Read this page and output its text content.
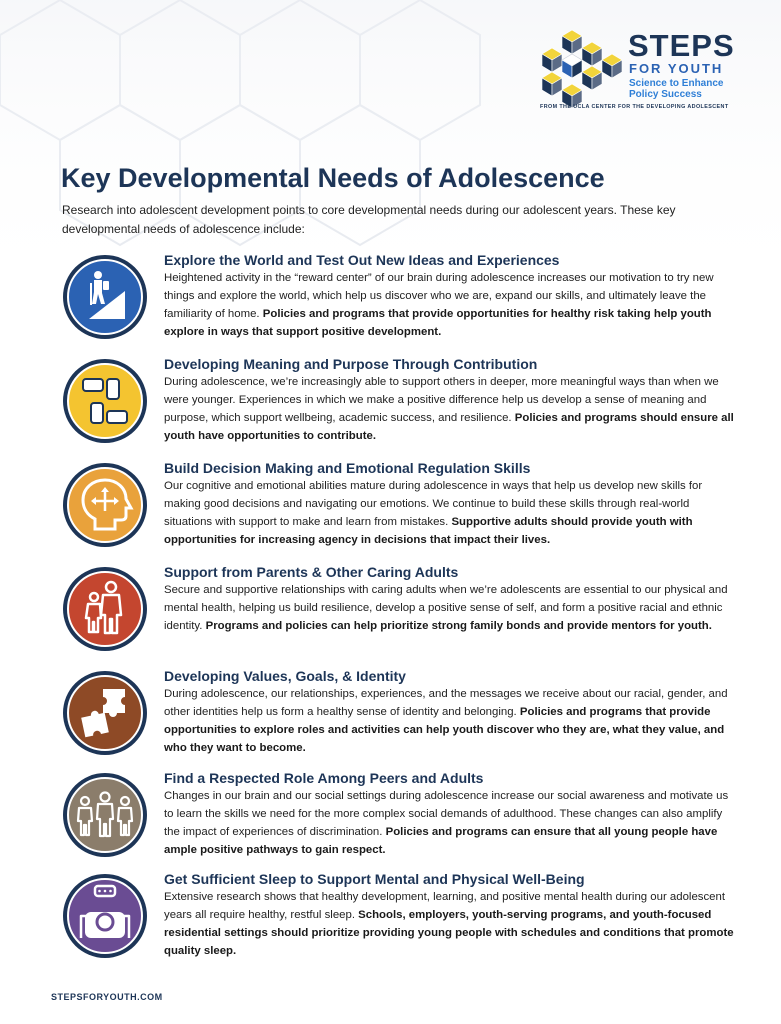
STEPS
FOR YOUTH
Science to Enhance Policy Success
FROM THE UCLA CENTER FOR THE DEVELOPING ADOLESCENT
Key Developmental Needs of Adolescence

Research into adolescent development points to core developmental needs during our adolescent years. These key developmental needs of adolescence include:

Explore the World and Test Out New Ideas and Experiences

Heightened activity in the “reward center” of our brain during adolescence increases our motivation to try new things and explore the world, which help us discover who we are, expand our skills, and ultimately leave the familiarity of home. Policies and programs that provide opportunities for healthy risk taking help youth explore in ways that support positive development.

Developing Meaning and Purpose Through Contribution

During adolescence, we’re increasingly able to support others in deeper, more meaningful ways than when we were younger. Experiences in which we make a positive difference help us develop a sense of meaning and purpose, which support wellbeing, academic success, and resilience. Policies and programs should ensure all youth have opportunities to contribute.

Build Decision Making and Emotional Regulation Skills

Our cognitive and emotional abilities mature during adolescence in ways that help us develop new skills for making good decisions and navigating our emotions. We continue to build these skills through real-world situations with support to make and learn from mistakes. Supportive adults should provide youth with opportunities for increasing agency in decisions that impact their lives.

Support from Parents & Other Caring Adults

Secure and supportive relationships with caring adults when we’re adolescents are essential to our physical and mental health, helping us build resilience, develop a positive sense of self, and form a positive racial and ethnic identity. Programs and policies can help prioritize strong family bonds and provide mentors for youth.

Developing Values, Goals, & Identity

During adolescence, our relationships, experiences, and the messages we receive about our racial, gender, and other identities help us form a healthy sense of identity and belonging. Policies and programs that provide opportunities to explore roles and activities can help youth discover who they are, what they value, and who they want to become.

Find a Respected Role Among Peers and Adults

Changes in our brain and our social settings during adolescence increase our social awareness and motivate us to learn the skills we need for the more complex social demands of adulthood. These changes can also amplify the impact of experiences of discrimination. Policies and programs can ensure that all young people have ample positive pathways to gain respect.

Get Sufficient Sleep to Support Mental and Physical Well-Being

Extensive research shows that healthy development, learning, and positive mental health during our adolescent years all require healthy, restful sleep. Schools, employers, youth-serving programs, and youth-focused residential settings should prioritize providing young people with schedules and conditions that promote quality sleep.

STEPSFORYOUTH.COM
